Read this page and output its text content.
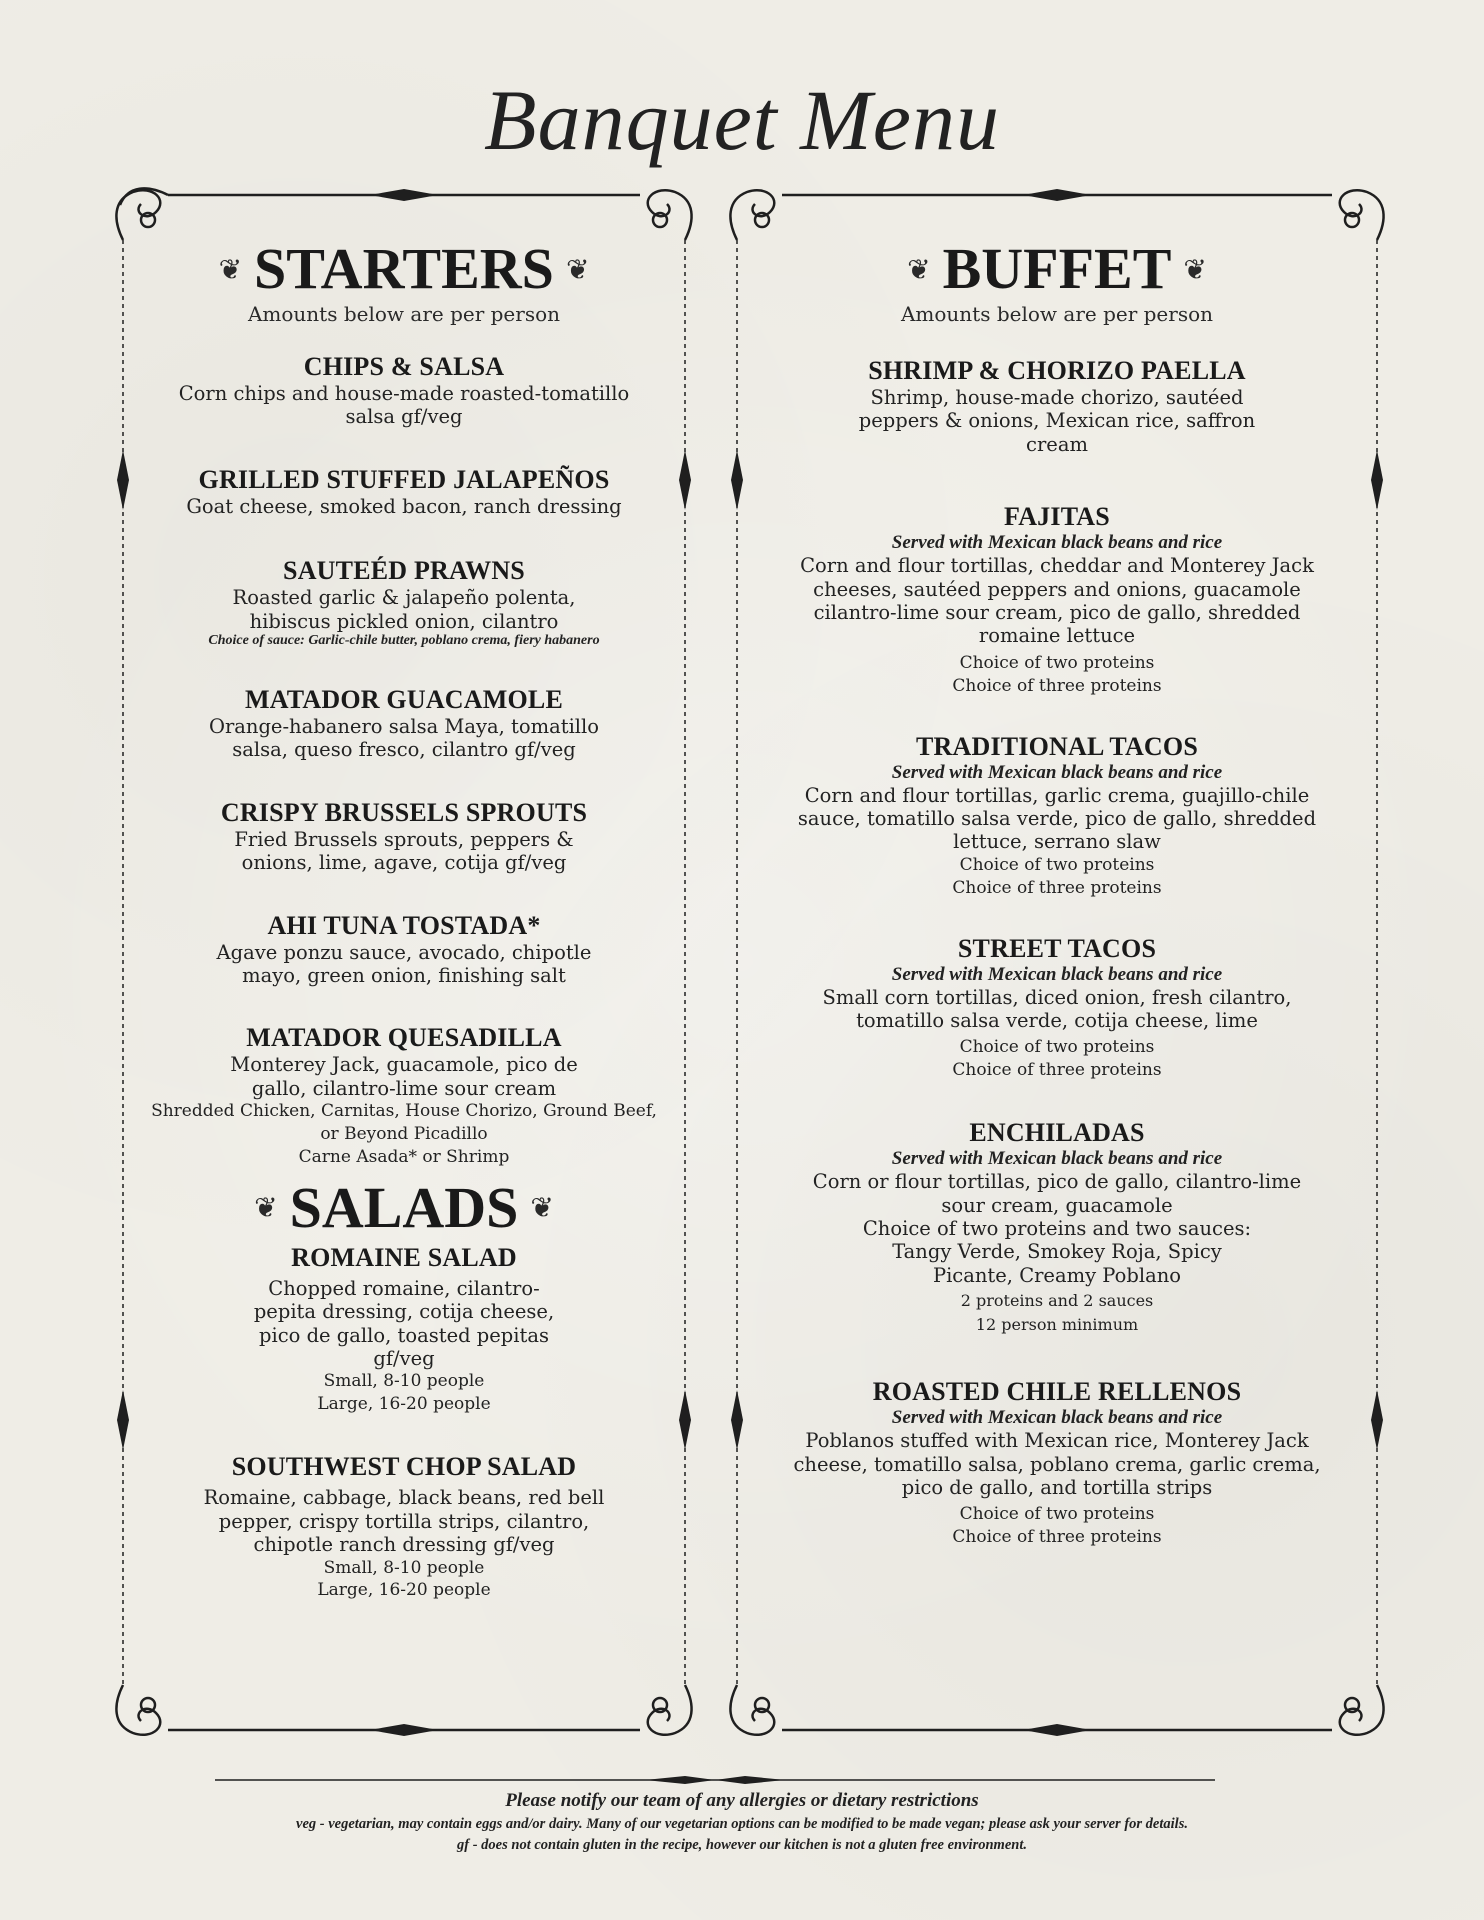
Banquet Menu
❦ STARTERS ❦
Amounts below are per person
CHIPS & SALSA
Corn chips and house-made roasted-tomatillo salsa gf/veg
GRILLED STUFFED JALAPEÑOS
Goat cheese, smoked bacon, ranch dressing
SAUTEÉD PRAWNS
Roasted garlic & jalapeño polenta, hibiscus pickled onion, cilantro
Choice of sauce: Garlic-chile butter, poblano crema, fiery habanero
MATADOR GUACAMOLE
Orange-habanero salsa Maya, tomatillo salsa, queso fresco, cilantro gf/veg
CRISPY BRUSSELS SPROUTS
Fried Brussels sprouts, peppers & onions, lime, agave, cotija gf/veg
AHI TUNA TOSTADA*
Agave ponzu sauce, avocado, chipotle mayo, green onion, finishing salt
MATADOR QUESADILLA
Monterey Jack, guacamole, pico de gallo, cilantro-lime sour cream
Shredded Chicken, Carnitas, House Chorizo, Ground Beef,
or Beyond Picadillo
Carne Asada* or Shrimp
❦ SALADS ❦
ROMAINE SALAD
Chopped romaine, cilantro-pepita dressing, cotija cheese, pico de gallo, toasted pepitas gf/veg
Small, 8-10 people
Large, 16-20 people
SOUTHWEST CHOP SALAD
Romaine, cabbage, black beans, red bell pepper, crispy tortilla strips, cilantro, chipotle ranch dressing gf/veg
Small, 8-10 people
Large, 16-20 people
❦ BUFFET ❦
Amounts below are per person
SHRIMP & CHORIZO PAELLA
Shrimp, house-made chorizo, sautéed peppers & onions, Mexican rice, saffron cream
FAJITAS
Served with Mexican black beans and rice
Corn and flour tortillas, cheddar and Monterey Jack cheeses, sautéed peppers and onions, guacamole cilantro-lime sour cream, pico de gallo, shredded romaine lettuce
Choice of two proteins
Choice of three proteins
TRADITIONAL TACOS
Served with Mexican black beans and rice
Corn and flour tortillas, garlic crema, guajillo-chile sauce, tomatillo salsa verde, pico de gallo, shredded lettuce, serrano slaw
Choice of two proteins
Choice of three proteins
STREET TACOS
Served with Mexican black beans and rice
Small corn tortillas, diced onion, fresh cilantro, tomatillo salsa verde, cotija cheese, lime
Choice of two proteins
Choice of three proteins
ENCHILADAS
Served with Mexican black beans and rice
Corn or flour tortillas, pico de gallo, cilantro-lime sour cream, guacamole
Choice of two proteins and two sauces: Tangy Verde, Smokey Roja, Spicy Picante, Creamy Poblano
2 proteins and 2 sauces
12 person minimum
ROASTED CHILE RELLENOS
Served with Mexican black beans and rice
Poblanos stuffed with Mexican rice, Monterey Jack cheese, tomatillo salsa, poblano crema, garlic crema, pico de gallo, and tortilla strips
Choice of two proteins
Choice of three proteins
Please notify our team of any allergies or dietary restrictions
veg - vegetarian, may contain eggs and/or dairy. Many of our vegetarian options can be modified to be made vegan; please ask your server for details.
gf - does not contain gluten in the recipe, however our kitchen is not a gluten free environment.
